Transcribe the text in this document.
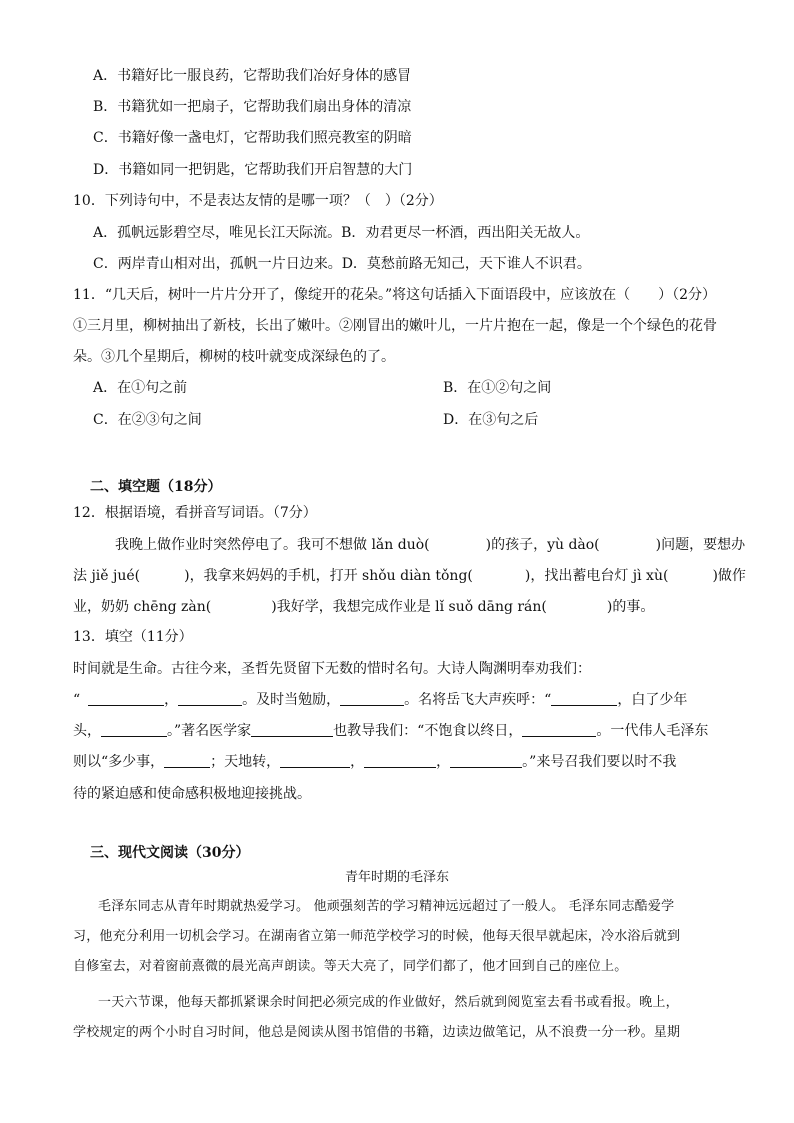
A．书籍好比一服良药，它帮助我们冶好身体的感冒
B．书籍犹如一把扇子，它帮助我们扇出身体的清凉
C．书籍好像一盏电灯，它帮助我们照亮教室的阴暗
D．书籍如同一把钥匙，它帮助我们开启智慧的大门
10．下列诗句中，不是表达友情的是哪一项？（　）（2分）
A．孤帆远影碧空尽，唯见长江天际流。B．劝君更尽一杯酒，西出阳关无故人。
C．两岸青山相对出，孤帆一片日边来。D．莫愁前路无知己，天下谁人不识君。
11．“几天后，树叶一片片分开了，像绽开的花朵。”将这句话插入下面语段中，应该放在（　　）（2分）
①三月里，柳树抽出了新枝，长出了嫩叶。②刚冒出的嫩叶儿，一片片抱在一起，像是一个个绿色的花骨
朵。③几个星期后，柳树的枝叶就变成深绿色的了。
A．在①句之前	B．在①②句之间
C．在②③句之间	D．在③句之后
二、填空题（18分）
12．根据语境，看拼音写词语。（7分）
我晚上做作业时突然停电了。我可不想做 lǎn duò(	)的孩子，yù dào(	)问题，要想办
法 jiě jué(	)，我拿来妈妈的手机，打开 shǒu diàn tǒng(	)，找出蓄电台灯 jì xù(	)做作
业，奶奶 chēng zàn(	)我好学，我想完成作业是 lǐ suǒ dāng rán(	)的事。
13．填空（11分）
时间就是生命。古往今来，圣哲先贤留下无数的惜时名句。大诗人陶渊明奉劝我们：
“	，	。及时当勉励，	。名将岳飞大声疾呼：“	，白了少年
头，	。”著名医学家	也教导我们：“不饱食以终日，	。一代伟人毛泽东
则以“多少事，	；天地转，	，	，	。”来号召我们要以时不我
待的紧迫感和使命感积极地迎接挑战。
三、现代文阅读（30分）
青年时期的毛泽东
毛泽东同志从青年时期就热爱学习。 他顽强刻苦的学习精神远远超过了一般人。 毛泽东同志酷爱学
习，他充分利用一切机会学习。在湖南省立第一师范学校学习的时候，他每天很早就起床，冷水浴后就到
自修室去，对着窗前熹微的晨光高声朗读。等天大亮了，同学们都了，他才回到自己的座位上。
一天六节课，他每天都抓紧课余时间把必须完成的作业做好，然后就到阅览室去看书或看报。晚上，
学校规定的两个小时自习时间，他总是阅读从图书馆借的书籍，边读边做笔记，从不浪费一分一秒。星期
